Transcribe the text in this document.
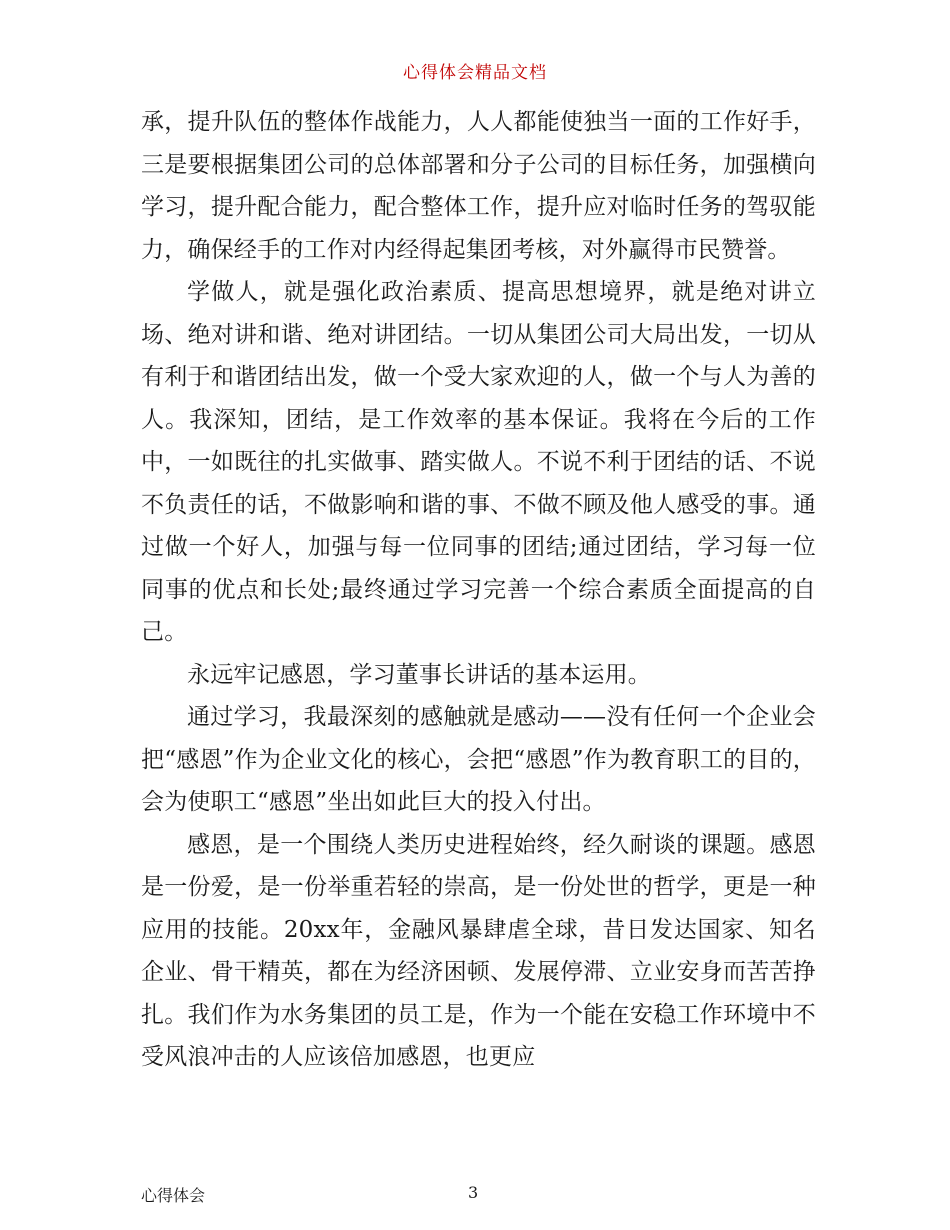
心得体会精品文档

承，提升队伍的整体作战能力，人人都能使独当一面的工作好手，三是要根据集团公司的总体部署和分子公司的目标任务，加强横向学习，提升配合能力，配合整体工作，提升应对临时任务的驾驭能力，确保经手的工作对内经得起集团考核，对外赢得市民赞誉。

学做人，就是强化政治素质、提高思想境界，就是绝对讲立场、绝对讲和谐、绝对讲团结。一切从集团公司大局出发，一切从有利于和谐团结出发，做一个受大家欢迎的人，做一个与人为善的人。我深知，团结，是工作效率的基本保证。我将在今后的工作中，一如既往的扎实做事、踏实做人。不说不利于团结的话、不说不负责任的话，不做影响和谐的事、不做不顾及他人感受的事。通过做一个好人，加强与每一位同事的团结;通过团结，学习每一位同事的优点和长处;最终通过学习完善一个综合素质全面提高的自己。

永远牢记感恩，学习董事长讲话的基本运用。

通过学习，我最深刻的感触就是感动——没有任何一个企业会把“感恩”作为企业文化的核心，会把“感恩”作为教育职工的目的，会为使职工“感恩”坐出如此巨大的投入付出。

感恩，是一个围绕人类历史进程始终，经久耐谈的课题。感恩是一份爱，是一份举重若轻的崇高，是一份处世的哲学，更是一种应用的技能。20xx年，金融风暴肆虐全球，昔日发达国家、知名企业、骨干精英，都在为经济困顿、发展停滞、立业安身而苦苦挣扎。我们作为水务集团的员工是，作为一个能在安稳工作环境中不受风浪冲击的人应该倍加感恩，也更应

心得体会	3
